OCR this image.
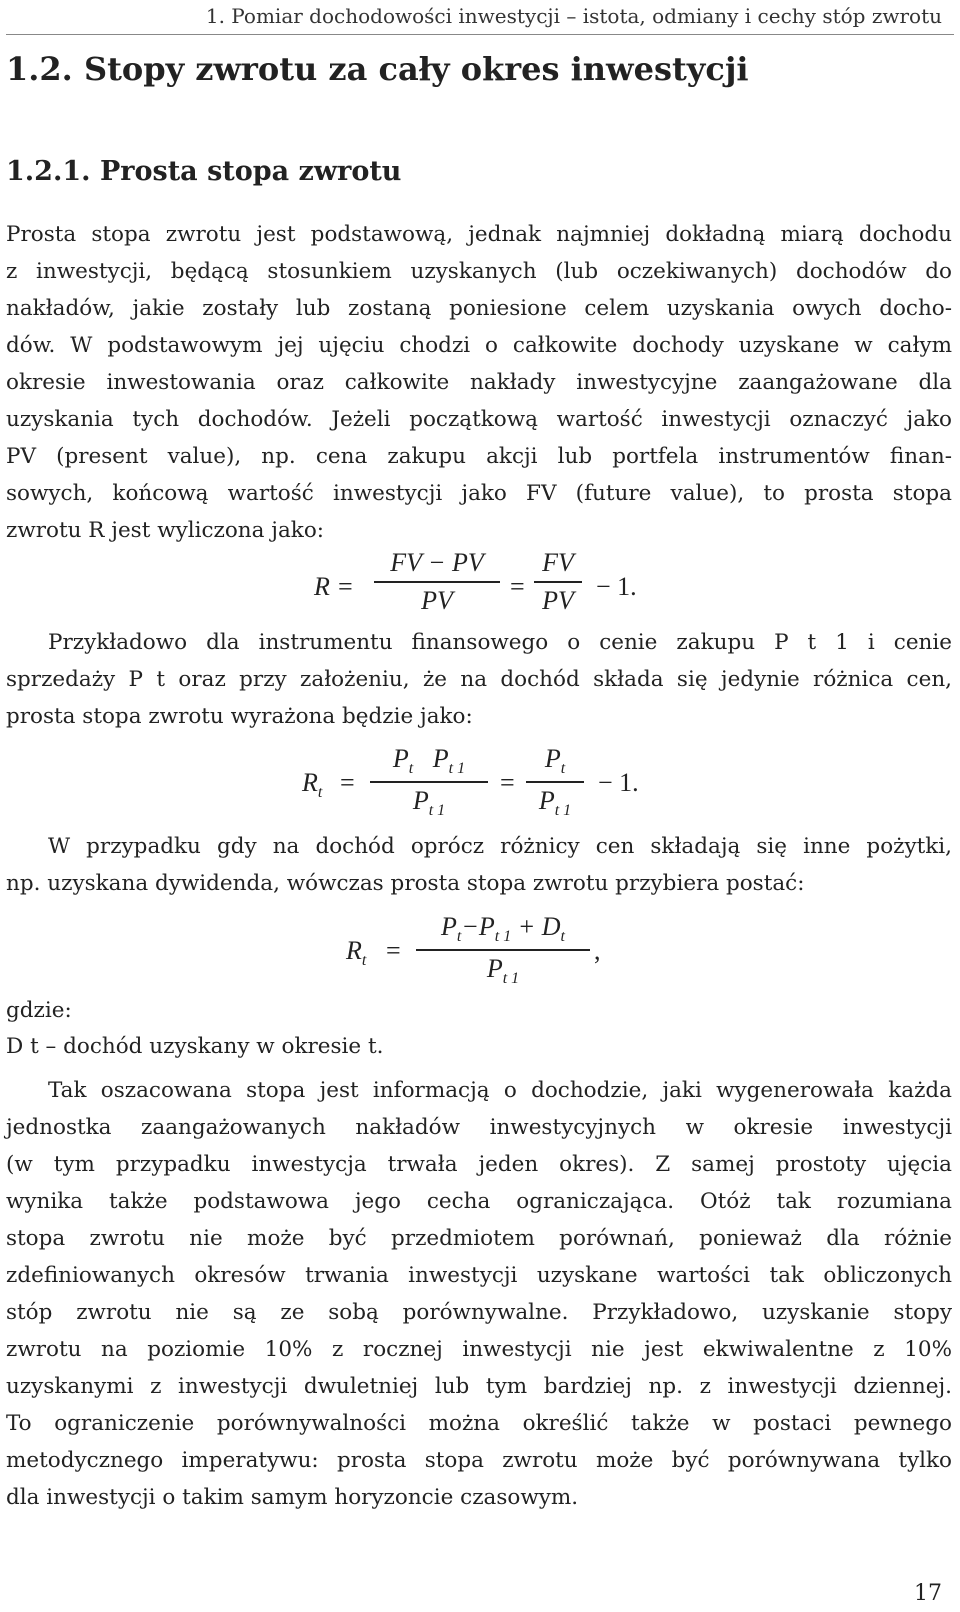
1. Pomiar dochodowości inwestycji – istota, odmiany i cechy stóp zwrotu
1.2. Stopy zwrotu za cały okres inwestycji
1.2.1. Prosta stopa zwrotu
Prosta stopa zwrotu jest podstawową, jednak najmniej dokładną miarą dochodu
z inwestycji, będącą stosunkiem uzyskanych (lub oczekiwanych) dochodów do
nakładów, jakie zostały lub zostaną poniesione celem uzyskania owych docho-
dów. W podstawowym jej ujęciu chodzi o całkowite dochody uzyskane w całym
okresie inwestowania oraz całkowite nakłady inwestycyjne zaangażowane dla
uzyskania tych dochodów. Jeżeli początkową wartość inwestycji oznaczyć jako
PV (present value), np. cena zakupu akcji lub portfela instrumentów finan-
sowych, końcową wartość inwestycji jako FV (future value), to prosta stopa
zwrotu R jest wyliczona jako:
R =
FV − PV
PV	=
FV
PV − 1.
Przykładowo dla instrumentu finansowego o cenie zakupu P t 1 i cenie
sprzedaży P t oraz przy założeniu, że na dochód składa się jedynie różnica cen,
prosta stopa zwrotu wyrażona będzie jako:
$R_t$ =
$P_t$ $P_{t 1}$
$P_{t 1}$
=
$P_t$
$P_{t 1}$
− 1.
W przypadku gdy na dochód oprócz różnicy cen składają się inne pożytki,
np. uzyskana dywidenda, wówczas prosta stopa zwrotu przybiera postać:
$R_t$ =
$P_t-P_{t 1} + D_t$
$P_{t 1}$
,
gdzie:
D t – dochód uzyskany w okresie t.
Tak oszacowana stopa jest informacją o dochodzie, jaki wygenerowała każda
jednostka zaangażowanych nakładów inwestycyjnych w okresie inwestycji
(w tym przypadku inwestycja trwała jeden okres). Z samej prostoty ujęcia
wynika także podstawowa jego cecha ograniczająca. Otóż tak rozumiana
stopa zwrotu nie może być przedmiotem porównań, ponieważ dla różnie
zdefiniowanych okresów trwania inwestycji uzyskane wartości tak obliczonych
stóp zwrotu nie są ze sobą porównywalne. Przykładowo, uzyskanie stopy
zwrotu na poziomie 10% z rocznej inwestycji nie jest ekwiwalentne z 10%
uzyskanymi z inwestycji dwuletniej lub tym bardziej np. z inwestycji dziennej.
To ograniczenie porównywalności można określić także w postaci pewnego
metodycznego imperatywu: prosta stopa zwrotu może być porównywana tylko
dla inwestycji o takim samym horyzoncie czasowym.
17
